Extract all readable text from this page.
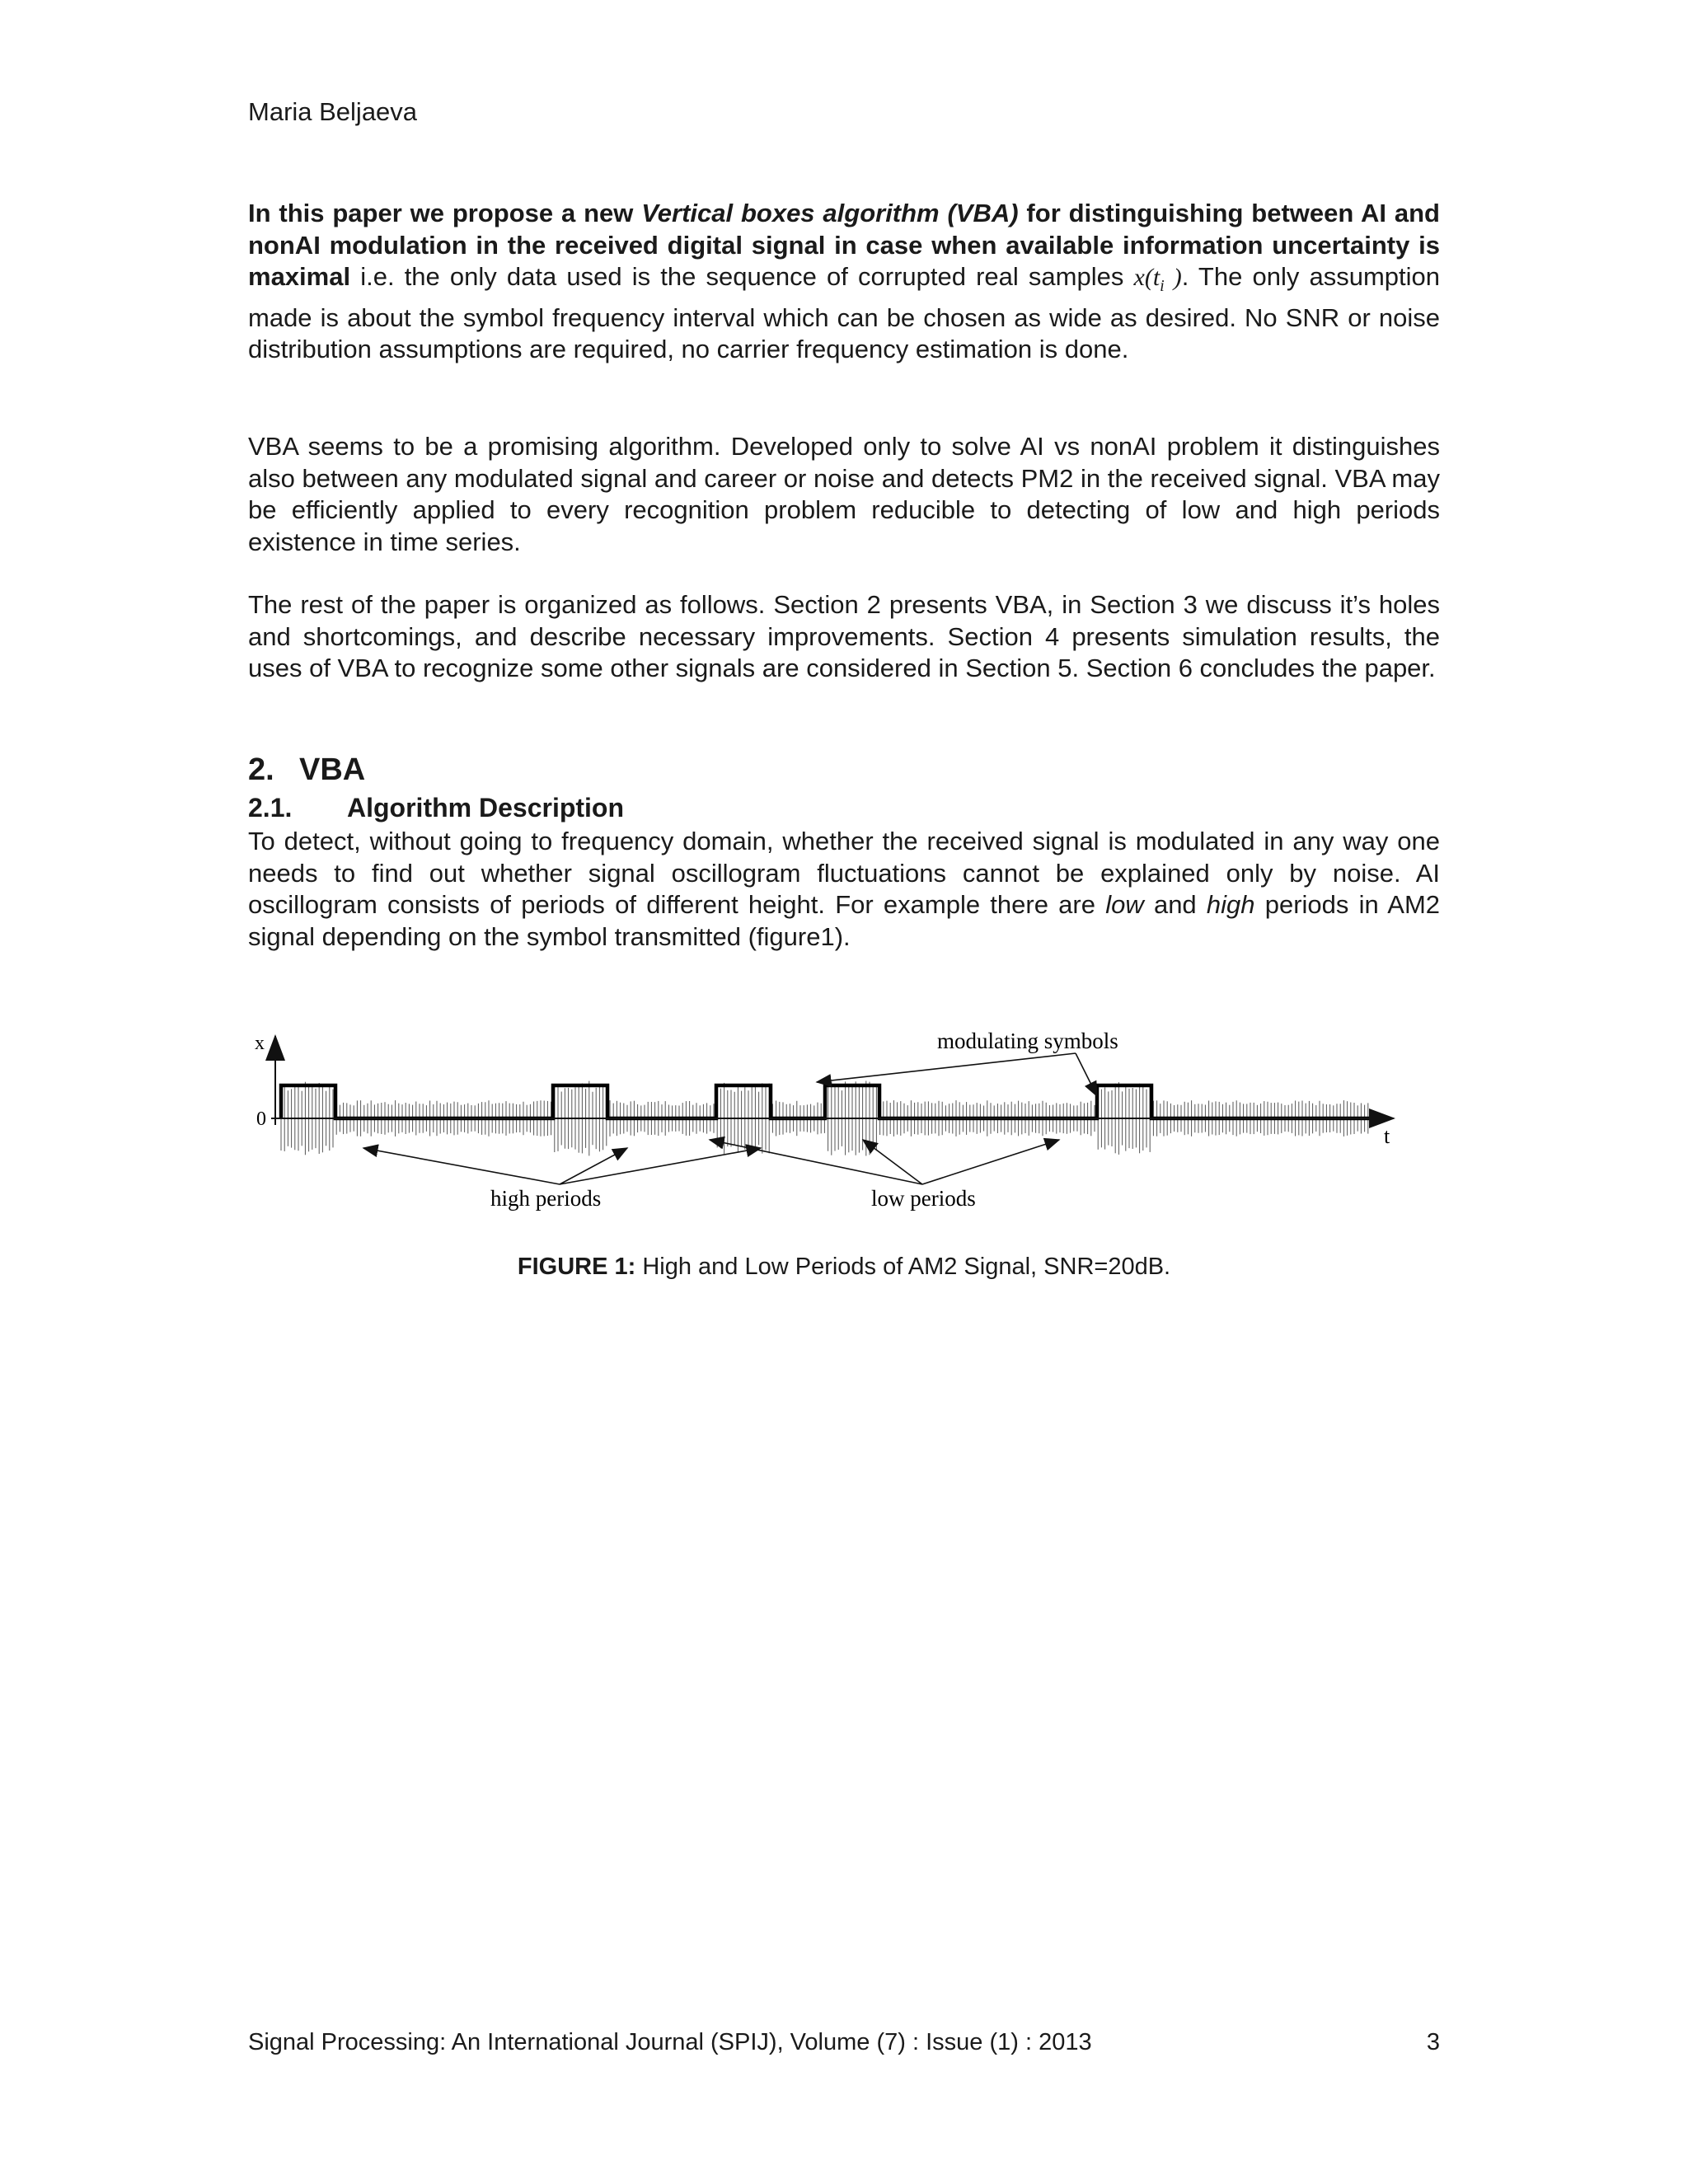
Maria Beljaeva
In this paper we propose a new Vertical boxes algorithm (VBA) for distinguishing between AI and nonAI modulation in the received digital signal in case when available information uncertainty is maximal i.e. the only data used is the sequence of corrupted real samples $x(t_i$ ). The only assumption made is about the symbol frequency interval which can be chosen as wide as desired. No SNR or noise distribution assumptions are required, no carrier frequency estimation is done.
VBA seems to be a promising algorithm. Developed only to solve AI vs nonAI problem it distinguishes also between any modulated signal and career or noise and detects PM2 in the received signal. VBA may be efficiently applied to every recognition problem reducible to detecting of low and high periods existence in time series.
The rest of the paper is organized as follows. Section 2 presents VBA, in Section 3 we discuss it’s holes and shortcomings, and describe necessary improvements. Section 4 presents simulation results, the uses of VBA to recognize some other signals are considered in Section 5. Section 6 concludes the paper.
2. VBA
2.1. Algorithm Description
To detect, without going to frequency domain, whether the received signal is modulated in any way one needs to find out whether signal oscillogram fluctuations cannot be explained only by noise. AI oscillogram consists of periods of different height. For example there are low and high periods in AM2 signal depending on the symbol transmitted (figure1).
x
0
t
modulating symbols
high periods	low periods
FIGURE 1: High and Low Periods of AM2 Signal, SNR=20dB.
Signal Processing: An International Journal (SPIJ), Volume (7) : Issue (1) : 2013	3
